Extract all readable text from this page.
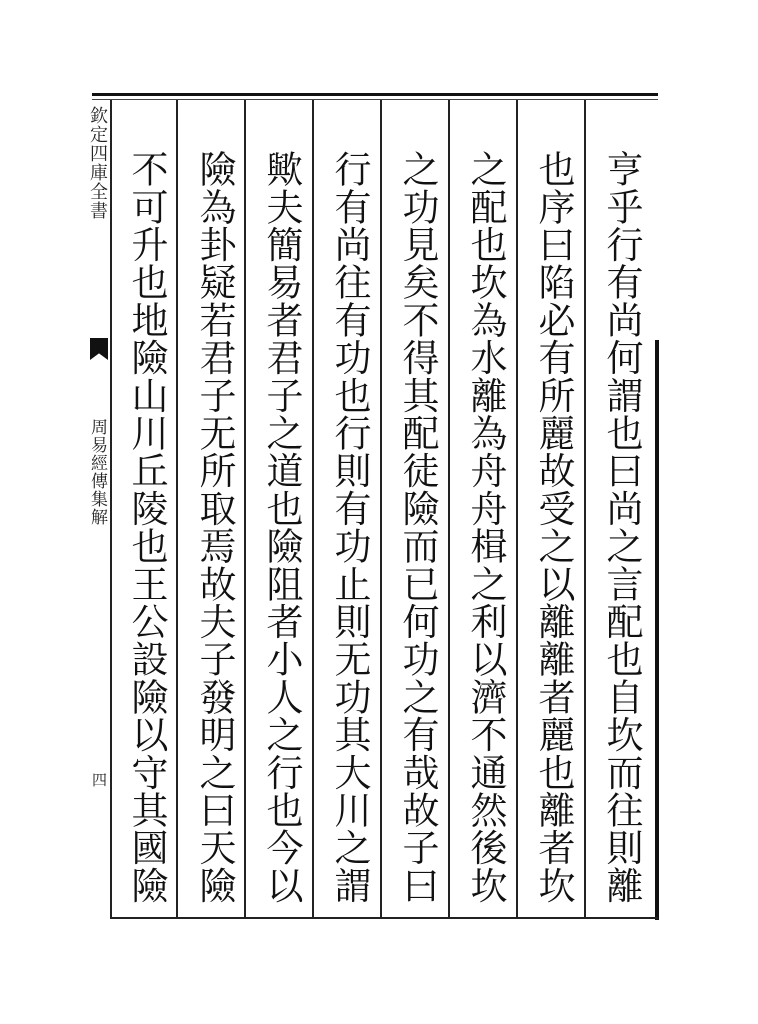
欽定四庫全書
周易經傳集解
四	亨乎行有尚何謂也曰尚之言配也自坎而往則離
也序曰陷必有所麗故受之以離離者麗也離者坎
之配也坎為水離為舟舟楫之利以濟不通然後坎
之功見矣不得其配徒險而已何功之有哉故子曰
行有尚往有功也行則有功止則无功其大川之謂
歟夫簡易者君子之道也險阻者小人之行也今以
險為卦疑若君子无所取焉故夫子發明之曰天險
不可升也地險山川丘陵也王公設險以守其國險
